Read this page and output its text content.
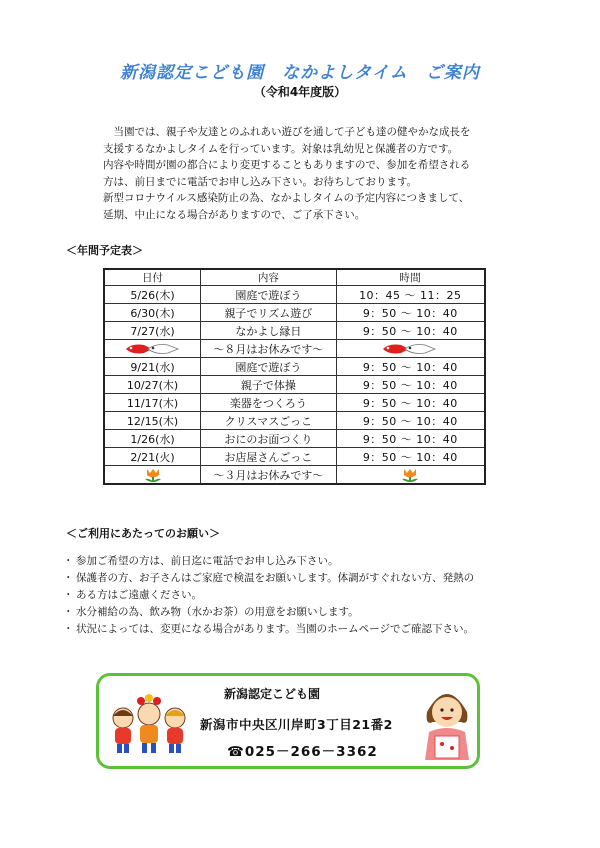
新潟認定こども園　なかよしタイム　ご案内
（令和4年度版）

　当園では、親子や友達とのふれあい遊びを通して子ども達の健やかな成長を

支援するなかよしタイムを行っています。対象は乳幼児と保護者の方です。

内容や時間が園の都合により変更することもありますので、参加を希望される

方は、前日までに電話でお申し込み下さい。お待ちしております。

新型コロナウイルス感染防止の為、なかよしタイムの予定内容につきまして、

延期、中止になる場合がありますので、ご了承下さい。

＜年間予定表＞
日付	内容	時間
5/26(木)	園庭で遊ぼう	10：45 ～ 11：25
6/30(木)	親子でリズム遊び	9：50 ～ 10：40
7/27(水)	なかよし縁日	9：50 ～ 10：40
	～８月はお休みです～	
9/21(水)	園庭で遊ぼう	9：50 ～ 10：40
10/27(木)	親子で体操	9：50 ～ 10：40
11/17(木)	楽器をつくろう	9：50 ～ 10：40
12/15(木)	クリスマスごっこ	9：50 ～ 10：40
1/26(水)	おにのお面つくり	9：50 ～ 10：40
2/21(火)	お店屋さんごっこ	9：50 ～ 10：40
	～３月はお休みです～	
＜ご利用にあたってのお願い＞
・ 参加ご希望の方は、前日迄に電話でお申し込み下さい。
・ 保護者の方、お子さんはご家庭で検温をお願いします。体調がすぐれない方、発熱の
・ ある方はご遠慮ください。
・ 水分補給の為、飲み物（水かお茶）の用意をお願いします。
・ 状況によっては、変更になる場合があります。当園のホームページでご確認下さい。
新潟認定こども園
新潟市中央区川岸町3丁目21番2
☎025－266－3362
